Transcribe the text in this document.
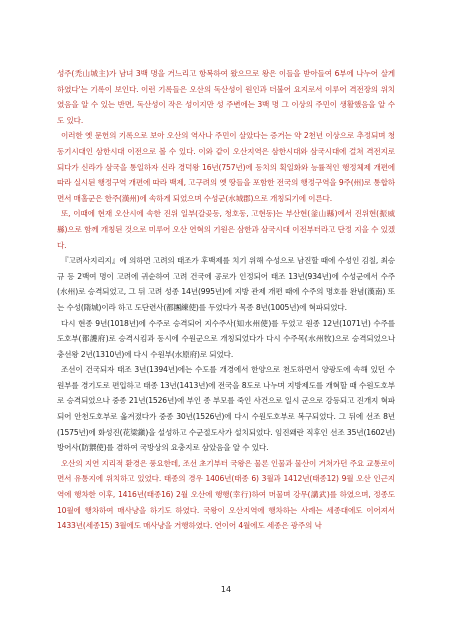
성주(禿山城主)가 남녀 3백 명을 거느리고 항복하여 왔으므로 왕은 이들을 받아들여 6부에 나누어 살게 하였다'는 기록이 보인다. 이런 기록들은 오산의 독산성이 원인과 더불어 요지로서 이루어 격전장의 위치였음을 알 수 있는 반면, 독산성이 작은 성이지만 성 주변에는 3백 명 그 이상의 주민이 생활했음을 알 수도 있다.

이러한 옛 문헌의 기록으로 보아 오산의 역사나 주민이 살았다는 증거는 약 2천년 이상으로 추정되며 청동기시대인 삼한시대 이전으로 볼 수 있다. 이와 같이 오산지역은 삼한시대와 삼국시대에 걸쳐 격전지로 되다가 신라가 삼국을 통일하자 신라 경덕왕 16년(757년)에 동치의 획일화와 능률적인 행정체제 개편에 따라 실시된 행정구역 개편에 따라 백제, 고구려의 옛 땅들을 포함한 전국의 행정구역을 9주(州)로 통합하면서 매홀군은 한주(漢州)에 속하게 되었으며 수성군(水城郡)으로 개칭되기에 이른다.

또, 이때에 현재 오산시에 속한 진위 일부(갈곶동, 청호동, 고현동)는 부산현(釜山縣)에서 진위현(振威縣)으로 함께 개칭된 것으로 미루어 오산 연혁의 기원은 삼한과 삼국시대 이전부터라고 단정 지을 수 있겠다.

『고려사지리지』에 의하면 고려의 태조가 후백제를 치기 위해 수성으로 남진할 때에 수성인 김칠, 최승규 등 2백여 명이 고려에 귀순하여 고려 건국에 공로가 인정되어 태조 13년(934년)에 수성군에서 수주(水州)로 승격되었고, 그 뒤 고려 성종 14년(995년)에 지방 관제 개편 때에 수주의 명호를 완념(漢南) 또는 수성(隋城)이라 하고 도단련사(都團練使)를 두었다가 목종 8년(1005년)에 혁파되었다.

다시 현종 9년(1018년)에 수주로 승격되어 지수주사(知水州使)를 두었고 원종 12년(1071년) 수주를 도호부(都護府)로 승격시킴과 동시에 수원군으로 개칭되었다가 다시 수주목(水州牧)으로 승격되었으나 충선왕 2년(1310년)에 다시 수원부(水原府)로 되었다.

조선이 건국되자 태조 3년(1394년)에는 수도를 개경에서 한양으로 천도하면서 양광도에 속해 있던 수원부를 경기도로 편입하고 태종 13년(1413년)에 전국을 8도로 나누며 지방제도를 개혁할 때 수원도호부로 승격되었으나 중종 21년(1526년)에 부인 종 부모를 죽인 사건으로 일시 군으로 강등되고 진개지 혁파되어 안천도호부로 옮겨졌다가 중종 30년(1526년)에 다시 수원도호부로 복구되었다. 그 뒤에 선조 8년(1575년)에 화성진(花梁鎭)을 설성하고 수군절도사가 설치되었다. 임진왜란 직후인 선조 35년(1602년) 방어사(防禦使)를 겸하여 국방상의 요충지로 삼았음을 알 수 있다.

오산의 지연 지리적 환경은 풍요한데, 조선 초기부터 국왕은 물론 인물과 물산이 거쳐가던 주요 교통로이면서 유통지에 위치하고 있었다. 태종의 경우 1406년(태종 6) 3월과 1412년(태종12) 9월 오산 인근지역에 행차한 이후, 1416년(태종16) 2월 오산에 행행(幸行)하여 머물며 강무(講武)를 하였으며, 정종도 10월에 행차하여 매사냥을 하기도 하였다. 국왕이 오산지역에 행차하는 사례는 세종대에도 이어져서 1433년(세종15) 3월에도 매사냥을 거행하였다. 연이어 4월에도 세종은 광주의 낙

14
